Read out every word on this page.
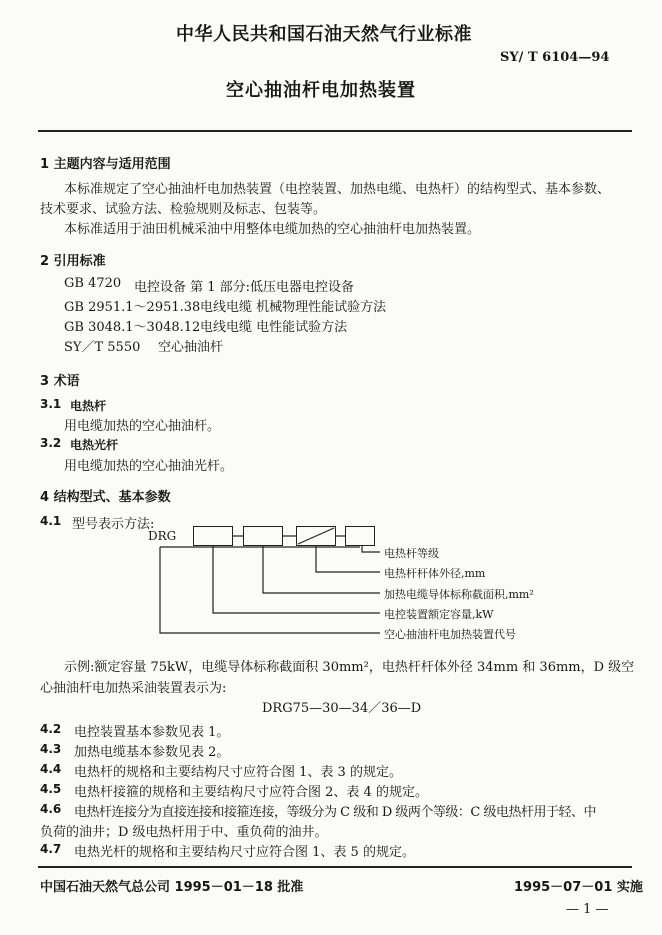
中华人民共和国石油天然气行业标准
SY/ T 6104—94
空心抽油杆电加热装置
1 主题内容与适用范围
本标准规定了空心抽油杆电加热装置（电控装置、加热电缆、电热杆）的结构型式、基本参数、
技术要求、试验方法、检验规则及标志、包装等。
本标准适用于油田机械采油中用整体电缆加热的空心抽油杆电加热装置。
2 引用标准
GB 4720 电控设备 第 1 部分:低压电器电控设备
GB 2951.1～2951.38 电线电缆 机械物理性能试验方法
GB 3048.1～3048.12 电线电缆 电性能试验方法
SY／T 5550 空心抽油杆
3 术语
3.1 电热杆
用电缆加热的空心抽油杆。
3.2 电热光杆
用电缆加热的空心抽油光杆。
4 结构型式、基本参数
4.1 型号表示方法:
DRG
电热杆等级
电热杆杆体外径,mm
加热电缆导体标称截面积,mm²
电控装置额定容量,kW
空心抽油杆电加热装置代号
示例:额定容量 75kW，电缆导体标称截面积 30mm²，电热杆杆体外径 34mm 和 36mm，D 级空
心抽油杆电加热采油装置表示为:
DRG75—30—34／36—D
4.2 电控装置基本参数见表 1。
4.3 加热电缆基本参数见表 2。
4.4 电热杆的规格和主要结构尺寸应符合图 1、表 3 的规定。
4.5 电热杆接箍的规格和主要结构尺寸应符合图 2、表 4 的规定。
4.6 电热杆连接分为直接连接和接箍连接，等级分为 C 级和 D 级两个等级：C 级电热杆用于轻、中
负荷的油井；D 级电热杆用于中、重负荷的油井。
4.7 电热光杆的规格和主要结构尺寸应符合图 1、表 5 的规定。
中国石油天然气总公司 1995－01－18 批准	1995－07－01 实施
— 1 —
